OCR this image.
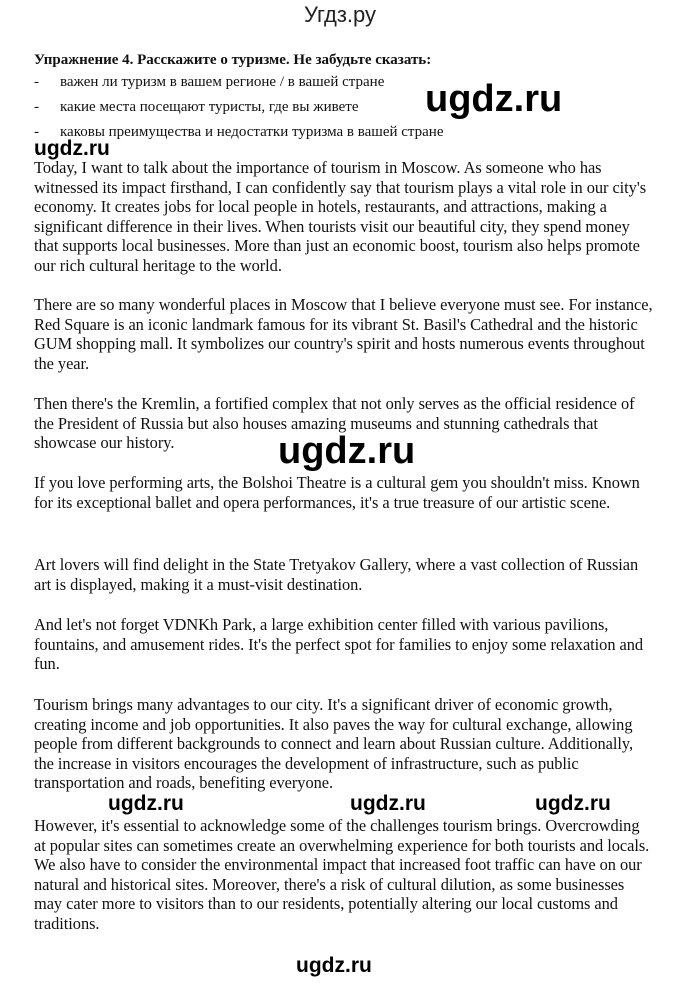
Угдз.ру
Упражнение 4. Расскажите о туризме. Не забудьте сказать:
- важен ли туризм в вашем регионе / в вашей стране
- какие места посещают туристы, где вы живете
- каковы преимущества и недостатки туризма в вашей стране

Today, I want to talk about the importance of tourism in Moscow. As someone who has witnessed its impact firsthand, I can confidently say that tourism plays a vital role in our city's economy. It creates jobs for local people in hotels, restaurants, and attractions, making a significant difference in their lives. When tourists visit our beautiful city, they spend money that supports local businesses. More than just an economic boost, tourism also helps promote our rich cultural heritage to the world.

There are so many wonderful places in Moscow that I believe everyone must see. For instance, Red Square is an iconic landmark famous for its vibrant St. Basil's Cathedral and the historic GUM shopping mall. It symbolizes our country's spirit and hosts numerous events throughout the year.

Then there's the Kremlin, a fortified complex that not only serves as the official residence of the President of Russia but also houses amazing museums and stunning cathedrals that showcase our history.

If you love performing arts, the Bolshoi Theatre is a cultural gem you shouldn't miss. Known for its exceptional ballet and opera performances, it's a true treasure of our artistic scene.

Art lovers will find delight in the State Tretyakov Gallery, where a vast collection of Russian art is displayed, making it a must-visit destination.

And let's not forget VDNKh Park, a large exhibition center filled with various pavilions, fountains, and amusement rides. It's the perfect spot for families to enjoy some relaxation and fun.

Tourism brings many advantages to our city. It's a significant driver of economic growth, creating income and job opportunities. It also paves the way for cultural exchange, allowing people from different backgrounds to connect and learn about Russian culture. Additionally, the increase in visitors encourages the development of infrastructure, such as public transportation and roads, benefiting everyone.

However, it's essential to acknowledge some of the challenges tourism brings. Overcrowding at popular sites can sometimes create an overwhelming experience for both tourists and locals. We also have to consider the environmental impact that increased foot traffic can have on our natural and historical sites. Moreover, there's a risk of cultural dilution, as some businesses may cater more to visitors than to our residents, potentially altering our local customs and traditions.

ugdz.ru
ugdz.ru
ugdz.ru
ugdz.ru	ugdz.ru	ugdz.ru
ugdz.ru
